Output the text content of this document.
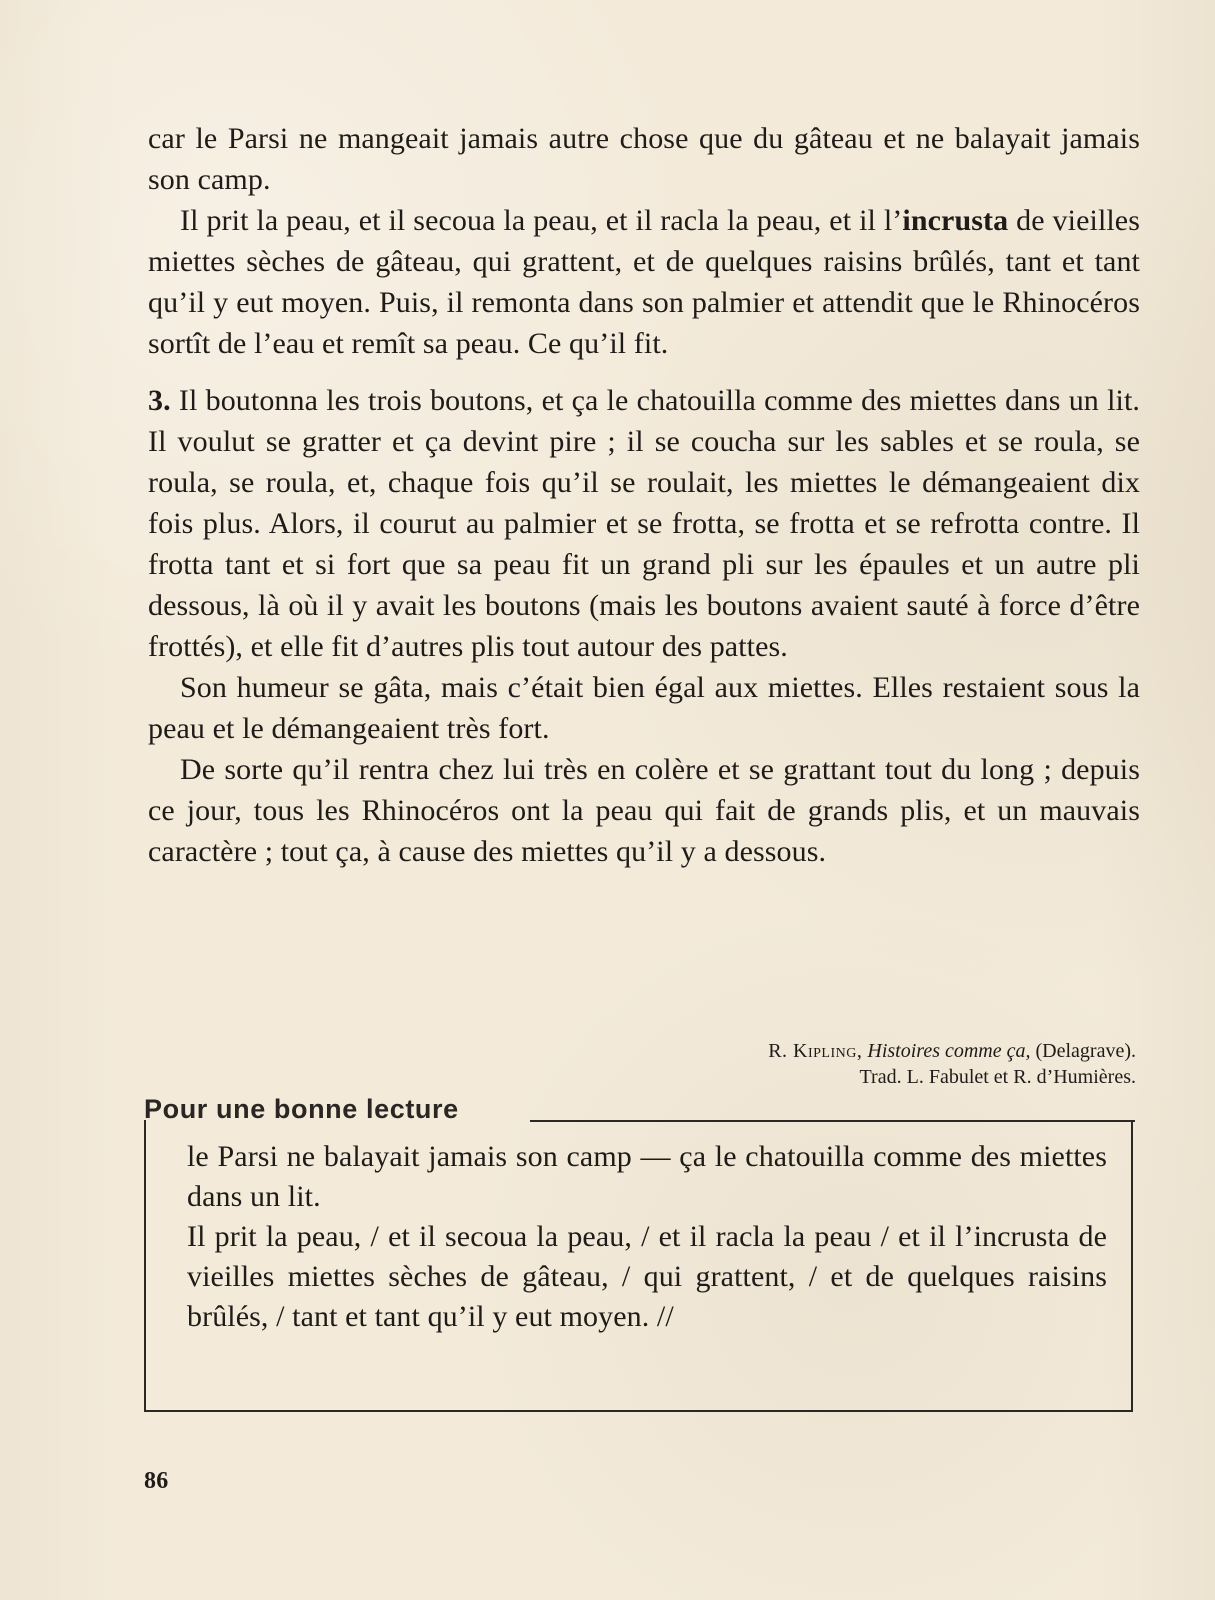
car le Parsi ne mangeait jamais autre chose que du gâteau et ne balayait jamais son camp.

Il prit la peau, et il secoua la peau, et il racla la peau, et il l’incrusta de vieilles miettes sèches de gâteau, qui grattent, et de quelques raisins brûlés, tant et tant qu’il y eut moyen. Puis, il remonta dans son palmier et attendit que le Rhinocéros sortît de l’eau et remît sa peau. Ce qu’il fit.

3. Il boutonna les trois boutons, et ça le chatouilla comme des miettes dans un lit. Il voulut se gratter et ça devint pire ; il se coucha sur les sables et se roula, se roula, se roula, et, chaque fois qu’il se roulait, les miettes le démangeaient dix fois plus. Alors, il courut au palmier et se frotta, se frotta et se refrotta contre. Il frotta tant et si fort que sa peau fit un grand pli sur les épaules et un autre pli dessous, là où il y avait les boutons (mais les boutons avaient sauté à force d’être frottés), et elle fit d’autres plis tout autour des pattes.

Son humeur se gâta, mais c’était bien égal aux miettes. Elles restaient sous la peau et le démangeaient très fort.

De sorte qu’il rentra chez lui très en colère et se grattant tout du long ; depuis ce jour, tous les Rhinocéros ont la peau qui fait de grands plis, et un mauvais caractère ; tout ça, à cause des miettes qu’il y a dessous.

R. Kipling, Histoires comme ça, (Delagrave).
Trad. L. Fabulet et R. d’Humières.
Pour une bonne lecture

le Parsi ne balayait jamais son camp — ça le chatouilla comme des miettes dans un lit.

Il prit la peau, / et il secoua la peau, / et il racla la peau / et il l’incrusta de vieilles miettes sèches de gâteau, / qui grattent, / et de quelques raisins brûlés, / tant et tant qu’il y eut moyen. //

86
